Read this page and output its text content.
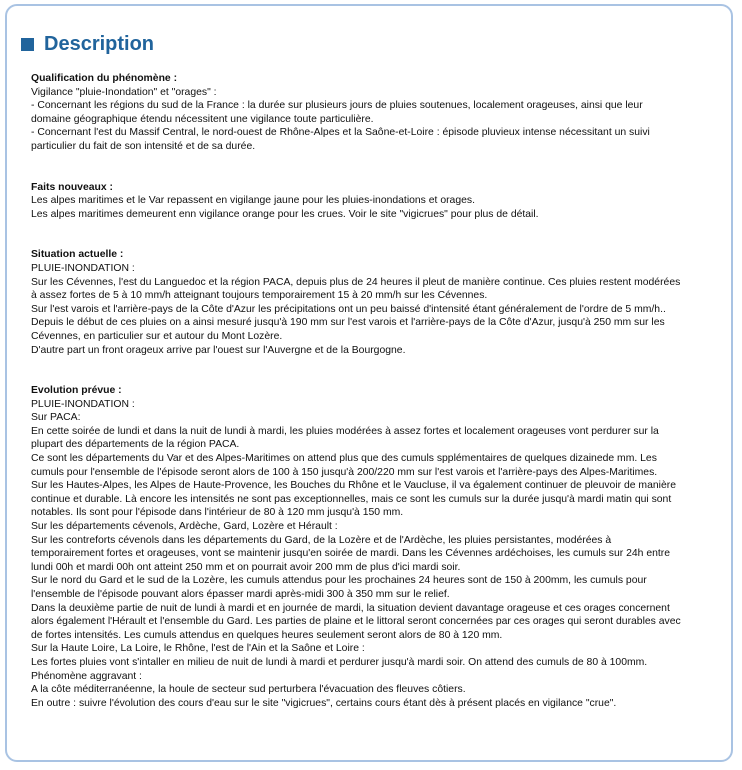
Description
Qualification du phénomène :
Vigilance "pluie-Inondation" et "orages" :
- Concernant les régions du sud de la France : la durée sur plusieurs jours de pluies soutenues, localement orageuses, ainsi que leur
domaine géographique étendu nécessitent une vigilance toute particulière.
- Concernant l'est du Massif Central, le nord-ouest de Rhône-Alpes et la Saône-et-Loire : épisode pluvieux intense nécessitant un suivi
particulier du fait de son intensité et de sa durée.
Faits nouveaux :
Les alpes maritimes et le Var repassent en vigilange jaune pour les pluies-inondations et orages.
Les alpes maritimes demeurent enn vigilance orange pour les crues. Voir le site "vigicrues" pour plus de détail.
Situation actuelle :
PLUIE-INONDATION :
Sur les Cévennes, l'est du Languedoc et la région PACA, depuis plus de 24 heures il pleut de manière continue. Ces pluies restent modérées
à assez fortes de 5 à 10 mm/h atteignant toujours temporairement 15 à 20 mm/h sur les Cévennes.
Sur l'est varois et l'arrière-pays de la Côte d'Azur les précipitations ont un peu baissé d'intensité étant généralement de l'ordre de 5 mm/h..
Depuis le début de ces pluies on a ainsi mesuré jusqu'à 190 mm sur l'est varois et l'arrière-pays de la Côte d'Azur, jusqu'à 250 mm sur les
Cévennes, en particulier sur et autour du Mont Lozère.
D'autre part un front orageux arrive par l'ouest sur l'Auvergne et de la Bourgogne.
Evolution prévue :
PLUIE-INONDATION :
Sur PACA:
En cette soirée de lundi et dans la nuit de lundi à mardi, les pluies modérées à assez fortes et localement orageuses vont perdurer sur la
plupart des départements de la région PACA.
Ce sont les départements du Var et des Alpes-Maritimes on attend plus que des cumuls spplémentaires de quelques dizainede mm. Les
cumuls pour l'ensemble de l'épisode seront alors de 100 à 150 jusqu'à 200/220 mm sur l'est varois et l'arrière-pays des Alpes-Maritimes.
Sur les Hautes-Alpes, les Alpes de Haute-Provence, les Bouches du Rhône et le Vaucluse, il va également continuer de pleuvoir de manière
continue et durable. Là encore les intensités ne sont pas exceptionnelles, mais ce sont les cumuls sur la durée jusqu'à mardi matin qui sont
notables. Ils sont pour l'épisode dans l'intérieur de 80 à 120 mm jusqu'à 150 mm.
Sur les départements cévenols, Ardèche, Gard, Lozère et Hérault :
Sur les contreforts cévenols dans les départements du Gard, de la Lozère et de l'Ardèche, les pluies persistantes, modérées à
temporairement fortes et orageuses, vont se maintenir jusqu'en soirée de mardi. Dans les Cévennes ardéchoises, les cumuls sur 24h entre
lundi 00h et mardi 00h ont atteint 250 mm et on pourrait avoir 200 mm de plus d'ici mardi soir.
Sur le nord du Gard et le sud de la Lozère, les cumuls attendus pour les prochaines 24 heures sont de 150 à 200mm, les cumuls pour
l'ensemble de l'épisode pouvant alors épasser mardi après-midi 300 à 350 mm sur le relief.
Dans la deuxième partie de nuit de lundi à mardi et en journée de mardi, la situation devient davantage orageuse et ces orages concernent
alors également l'Hérault et l'ensemble du Gard. Les parties de plaine et le littoral seront concernées par ces orages qui seront durables avec
de fortes intensités. Les cumuls attendus en quelques heures seulement seront alors de 80 à 120 mm.
Sur la Haute Loire, La Loire, le Rhône, l'est de l'Ain et la Saône et Loire :
Les fortes pluies vont s'intaller en milieu de nuit de lundi à mardi et perdurer jusqu'à mardi soir. On attend des cumuls de 80 à 100mm.
Phénomène aggravant :
A la côte méditerranéenne, la houle de secteur sud perturbera l'évacuation des fleuves côtiers.
En outre : suivre l'évolution des cours d'eau sur le site "vigicrues", certains cours étant dès à présent placés en vigilance "crue".
